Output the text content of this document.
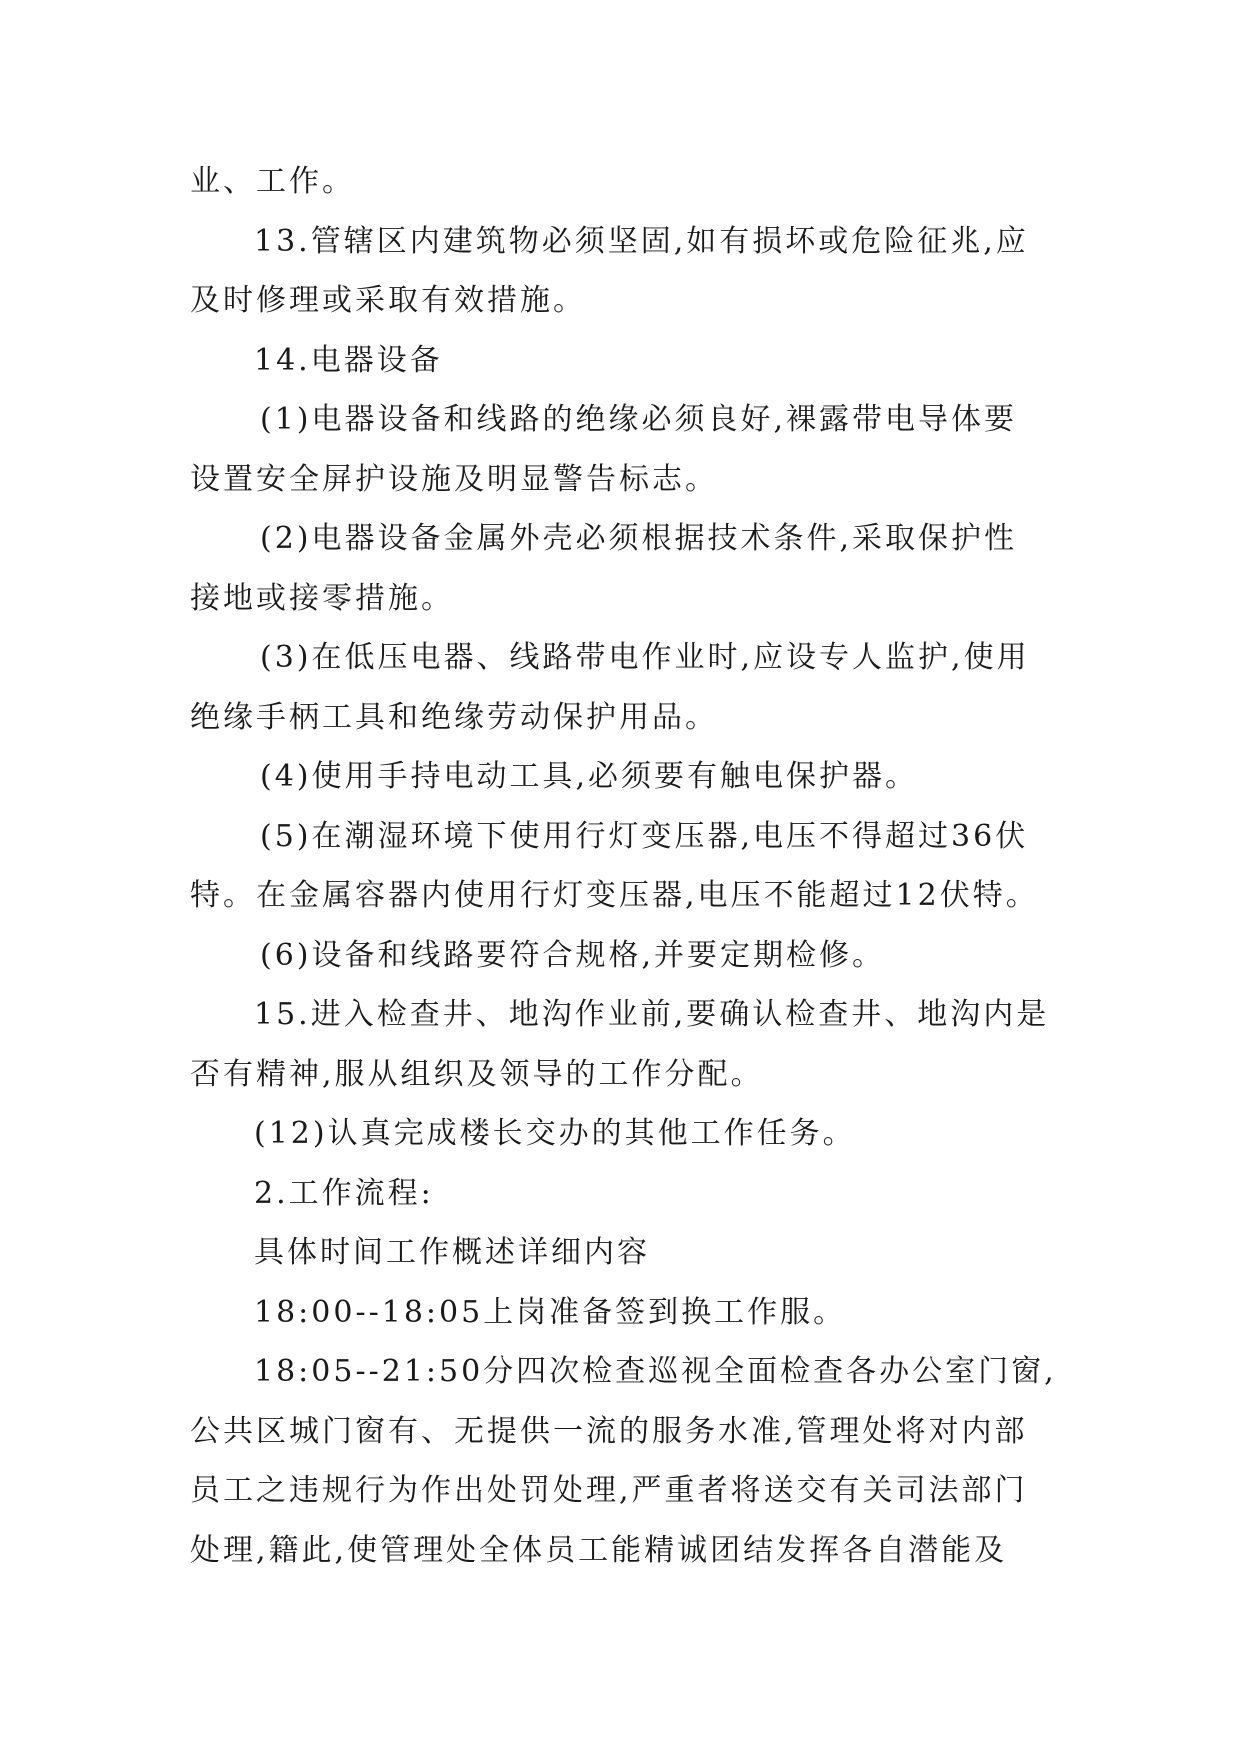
业、工作。
13.管辖区内建筑物必须坚固,如有损坏或危险征兆,应
及时修理或采取有效措施。
14.电器设备
(1)电器设备和线路的绝缘必须良好,裸露带电导体要
设置安全屏护设施及明显警告标志。
(2)电器设备金属外壳必须根据技术条件,采取保护性
接地或接零措施。
(3)在低压电器、线路带电作业时,应设专人监护,使用
绝缘手柄工具和绝缘劳动保护用品。
(4)使用手持电动工具,必须要有触电保护器。
(5)在潮湿环境下使用行灯变压器,电压不得超过36伏
特。在金属容器内使用行灯变压器,电压不能超过12伏特。
(6)设备和线路要符合规格,并要定期检修。
15.进入检查井、地沟作业前,要确认检查井、地沟内是
否有精神,服从组织及领导的工作分配。
(12)认真完成楼长交办的其他工作任务。
2.工作流程:
具体时间工作概述详细内容
18:00--18:05上岗准备签到换工作服。
18:05--21:50分四次检查巡视全面检查各办公室门窗,
公共区城门窗有、无提供一流的服务水准,管理处将对内部
员工之违规行为作出处罚处理,严重者将送交有关司法部门
处理,籍此,使管理处全体员工能精诚团结发挥各自潜能及
